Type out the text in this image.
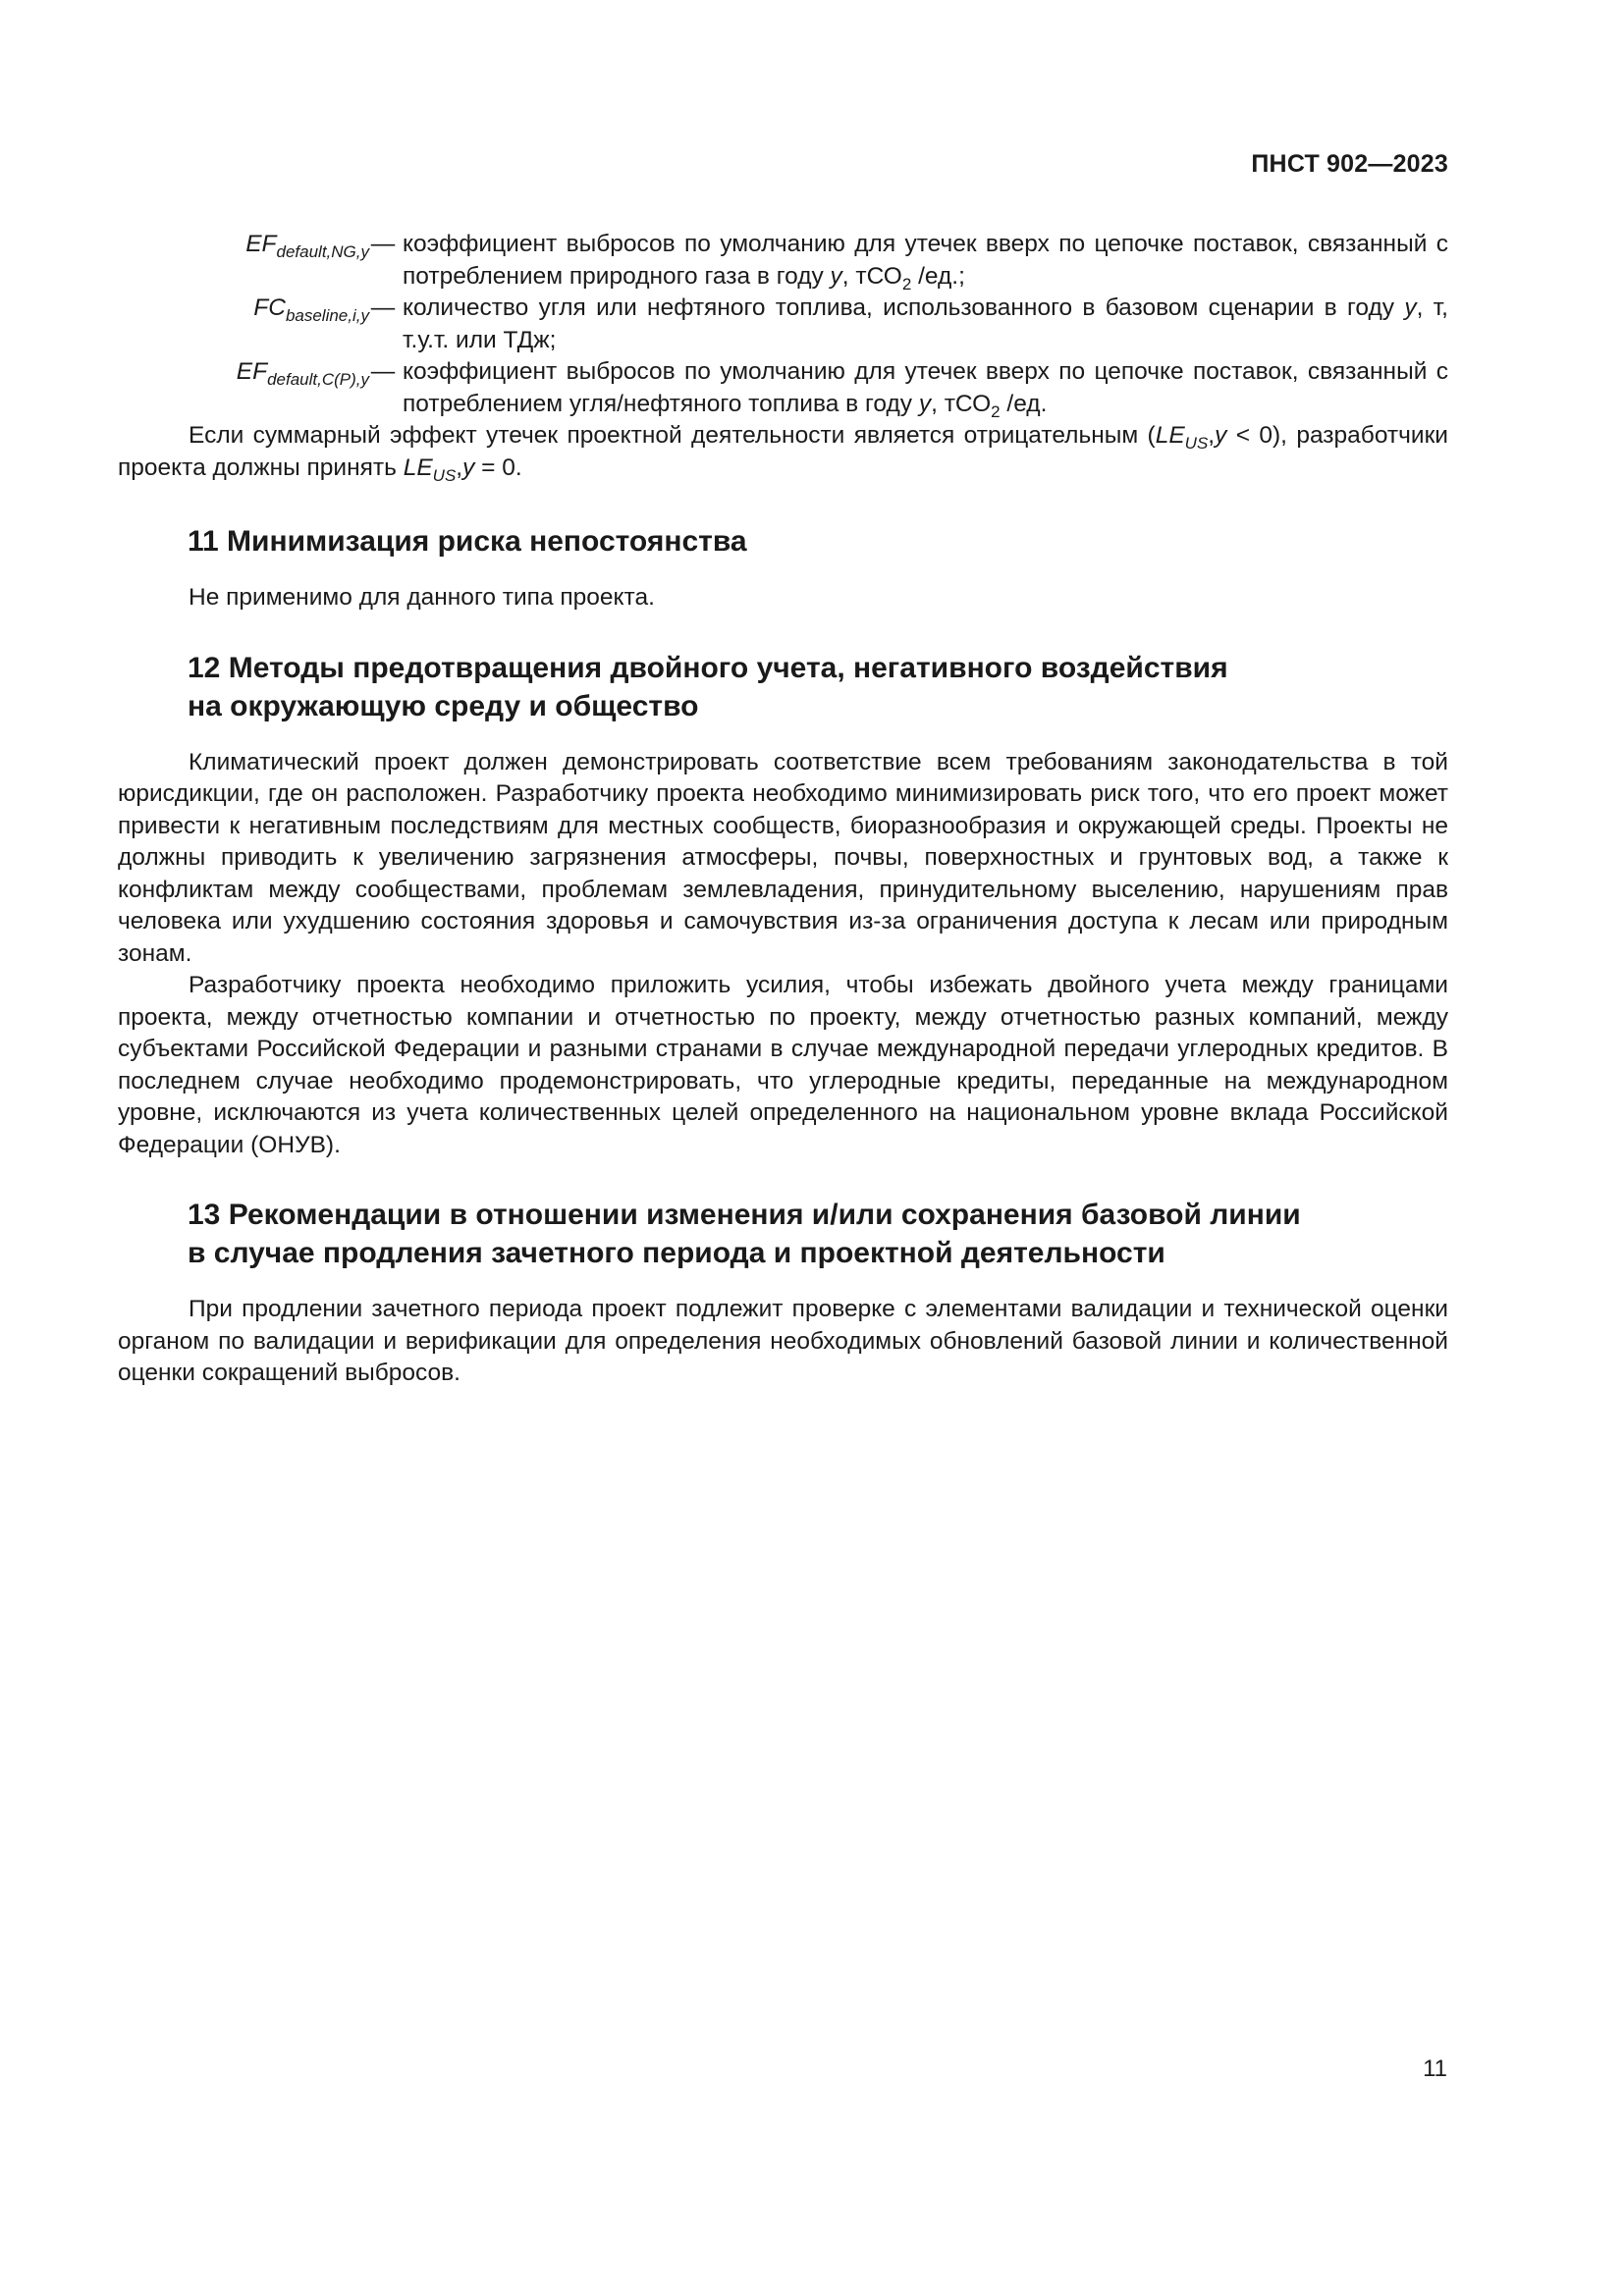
ПНСТ 902—2023
$EF_{default,NG,y}$ — коэффициент выбросов по умолчанию для утечек вверх по цепочке поставок, связанный с потреблением природного газа в году y, тСО$_2$ /ед.;
$FC_{baseline,i,y}$ — количество угля или нефтяного топлива, использованного в базовом сценарии в году y, т, т.у.т. или ТДж;
$EF_{default,C(P),y}$ — коэффициент выбросов по умолчанию для утечек вверх по цепочке поставок, связанный с потреблением угля/нефтяного топлива в году y, тСО$_2$ /ед.

Если суммарный эффект утечек проектной деятельности является отрицательным $(LE_{US},y < 0)$, разработчики проекта должны принять $LE_{US},y = 0$.

11 Минимизация риска непостоянства

Не применимо для данного типа проекта.

12 Методы предотвращения двойного учета, негативного воздействия
на окружающую среду и общество

Климатический проект должен демонстрировать соответствие всем требованиям законодательства в той юрисдикции, где он расположен. Разработчику проекта необходимо минимизировать риск того, что его проект может привести к негативным последствиям для местных сообществ, биоразнообразия и окружающей среды. Проекты не должны приводить к увеличению загрязнения атмосферы, почвы, поверхностных и грунтовых вод, а также к конфликтам между сообществами, проблемам землевладения, принудительному выселению, нарушениям прав человека или ухудшению состояния здоровья и самочувствия из-за ограничения доступа к лесам или природным зонам.

Разработчику проекта необходимо приложить усилия, чтобы избежать двойного учета между границами проекта, между отчетностью компании и отчетностью по проекту, между отчетностью разных компаний, между субъектами Российской Федерации и разными странами в случае международной передачи углеродных кредитов. В последнем случае необходимо продемонстрировать, что углеродные кредиты, переданные на международном уровне, исключаются из учета количественных целей определенного на национальном уровне вклада Российской Федерации (ОНУВ).

13 Рекомендации в отношении изменения и/или сохранения базовой линии
в случае продления зачетного периода и проектной деятельности

При продлении зачетного периода проект подлежит проверке с элементами валидации и технической оценки органом по валидации и верификации для определения необходимых обновлений базовой линии и количественной оценки сокращений выбросов.

11
